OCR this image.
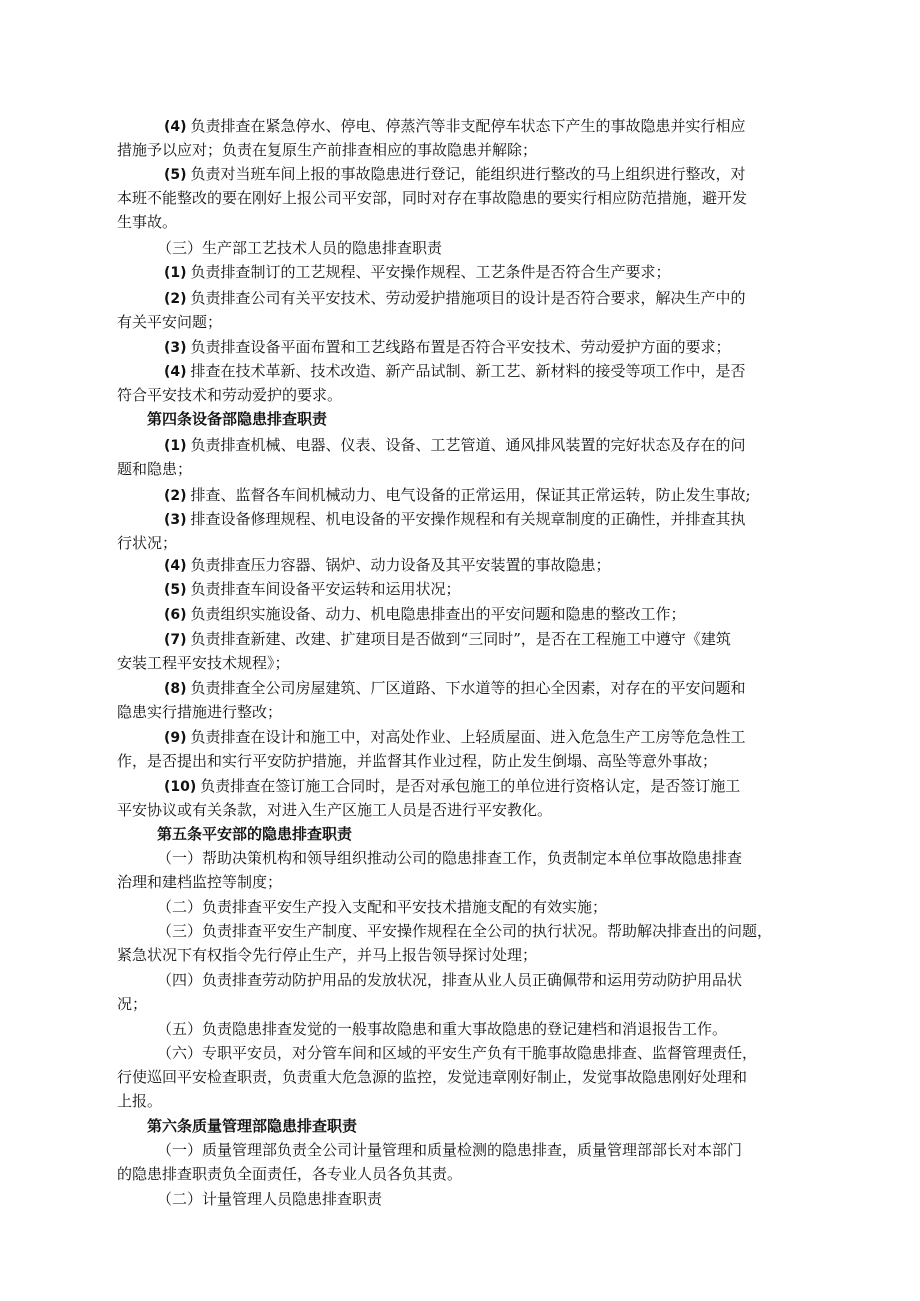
(4) 负责排查在紧急停水、停电、停蒸汽等非支配停车状态下产生的事故隐患并实行相应
措施予以应对；负责在复原生产前排查相应的事故隐患并解除；
(5) 负责对当班车间上报的事故隐患进行登记，能组织进行整改的马上组织进行整改，对
本班不能整改的要在刚好上报公司平安部，同时对存在事故隐患的要实行相应防范措施，避开发
生事故。
（三）生产部工艺技术人员的隐患排查职责
(1) 负责排查制订的工艺规程、平安操作规程、工艺条件是否符合生产要求；
(2) 负责排查公司有关平安技术、劳动爱护措施项目的设计是否符合要求，解决生产中的
有关平安问题；
(3) 负责排查设备平面布置和工艺线路布置是否符合平安技术、劳动爱护方面的要求；
(4) 排查在技术革新、技术改造、新产品试制、新工艺、新材料的接受等项工作中，是否
符合平安技术和劳动爱护的要求。
第四条设备部隐患排查职责
(1) 负责排查机械、电器、仪表、设备、工艺管道、通风排风装置的完好状态及存在的问
题和隐患；
(2) 排查、监督各车间机械动力、电气设备的正常运用，保证其正常运转，防止发生事故;
(3) 排查设备修理规程、机电设备的平安操作规程和有关规章制度的正确性，并排查其执
行状况；
(4) 负责排查压力容器、锅炉、动力设备及其平安装置的事故隐患；
(5) 负责排查车间设备平安运转和运用状况；
(6) 负责组织实施设备、动力、机电隐患排查出的平安问题和隐患的整改工作；
(7) 负责排查新建、改建、扩建项目是否做到“三同时”，是否在工程施工中遵守《建筑
安装工程平安技术规程》；
(8) 负责排查全公司房屋建筑、厂区道路、下水道等的担心全因素，对存在的平安问题和
隐患实行措施进行整改；
(9) 负责排查在设计和施工中，对高处作业、上轻质屋面、进入危急生产工房等危急性工
作，是否提出和实行平安防护措施，并监督其作业过程，防止发生倒塌、高坠等意外事故；
(10) 负责排查在签订施工合同时，是否对承包施工的单位进行资格认定，是否签订施工
平安协议或有关条款，对进入生产区施工人员是否进行平安教化。
第五条平安部的隐患排查职责
（一）帮助决策机构和领导组织推动公司的隐患排查工作，负责制定本单位事故隐患排查
治理和建档监控等制度；
（二）负责排查平安生产投入支配和平安技术措施支配的有效实施；
（三）负责排查平安生产制度、平安操作规程在全公司的执行状况。帮助解决排查出的问题，
紧急状况下有权指令先行停止生产，并马上报告领导探讨处理；
（四）负责排查劳动防护用品的发放状况，排查从业人员正确佩带和运用劳动防护用品状
况；
（五）负责隐患排查发觉的一般事故隐患和重大事故隐患的登记建档和消退报告工作。
（六）专职平安员，对分管车间和区域的平安生产负有干脆事故隐患排查、监督管理责任，
行使巡回平安检查职责，负责重大危急源的监控，发觉违章刚好制止，发觉事故隐患刚好处理和
上报。
第六条质量管理部隐患排查职责
（一）质量管理部负责全公司计量管理和质量检测的隐患排查，质量管理部部长对本部门
的隐患排查职责负全面责任，各专业人员各负其责。
（二）计量管理人员隐患排查职责
